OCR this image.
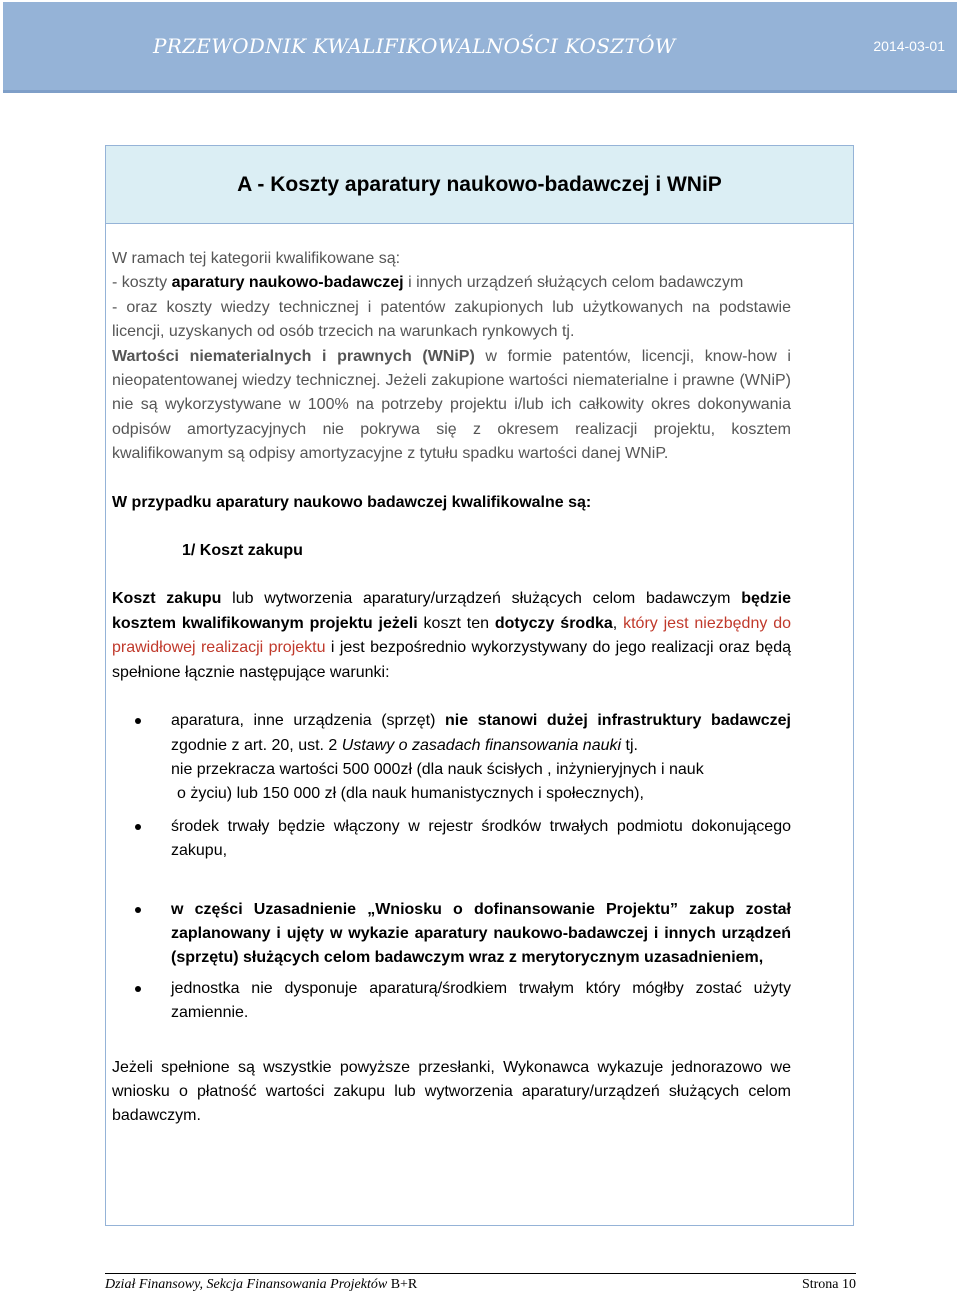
PRZEWODNIK KWALIFIKOWALNOŚCI KOSZTÓW	2014-03-01
A - Koszty aparatury naukowo-badawczej i WNiP

W ramach tej kategorii kwalifikowane są:

- koszty aparatury naukowo-badawczej i innych urządzeń służących celom badawczym

- oraz koszty wiedzy technicznej i patentów zakupionych lub użytkowanych na podstawie licencji, uzyskanych od osób trzecich na warunkach rynkowych tj.

Wartości niematerialnych i prawnych (WNiP) w formie patentów, licencji, know-how i nieopatentowanej wiedzy technicznej. Jeżeli zakupione wartości niematerialne i prawne (WNiP) nie są wykorzystywane w 100% na potrzeby projektu i/lub ich całkowity okres dokonywania odpisów amortyzacyjnych nie pokrywa się z okresem realizacji projektu, kosztem kwalifikowanym są odpisy amortyzacyjne z tytułu spadku wartości danej WNiP.

W przypadku aparatury naukowo badawczej kwalifikowalne są:

1/ Koszt zakupu

Koszt zakupu lub wytworzenia aparatury/urządzeń służących celom badawczym będzie kosztem kwalifikowanym projektu jeżeli koszt ten dotyczy środka, który jest niezbędny do prawidłowej realizacji projektu i jest bezpośrednio wykorzystywany do jego realizacji oraz będą spełnione łącznie następujące warunki:

aparatura, inne urządzenia (sprzęt) nie stanowi dużej infrastruktury badawczej zgodnie z art. 20, ust. 2 Ustawy o zasadach finansowania nauki tj.
nie przekracza wartości 500 000zł (dla nauk ścisłych , inżynieryjnych i nauk
o życiu) lub 150 000 zł (dla nauk humanistycznych i społecznych),
środek trwały będzie włączony w rejestr środków trwałych podmiotu dokonującego zakupu,
w części Uzasadnienie „Wniosku o dofinansowanie Projektu” zakup został zaplanowany i ujęty w wykazie aparatury naukowo-badawczej i innych urządzeń (sprzętu) służących celom badawczym wraz z merytorycznym uzasadnieniem,
jednostka nie dysponuje aparaturą/środkiem trwałym który mógłby zostać użyty zamiennie.

Jeżeli spełnione są wszystkie powyższe przesłanki, Wykonawca wykazuje jednorazowo we wniosku o płatność wartości zakupu lub wytworzenia aparatury/urządzeń służących celom badawczym.

Dział Finansowy, Sekcja Finansowania Projektów B+R	Strona 10
